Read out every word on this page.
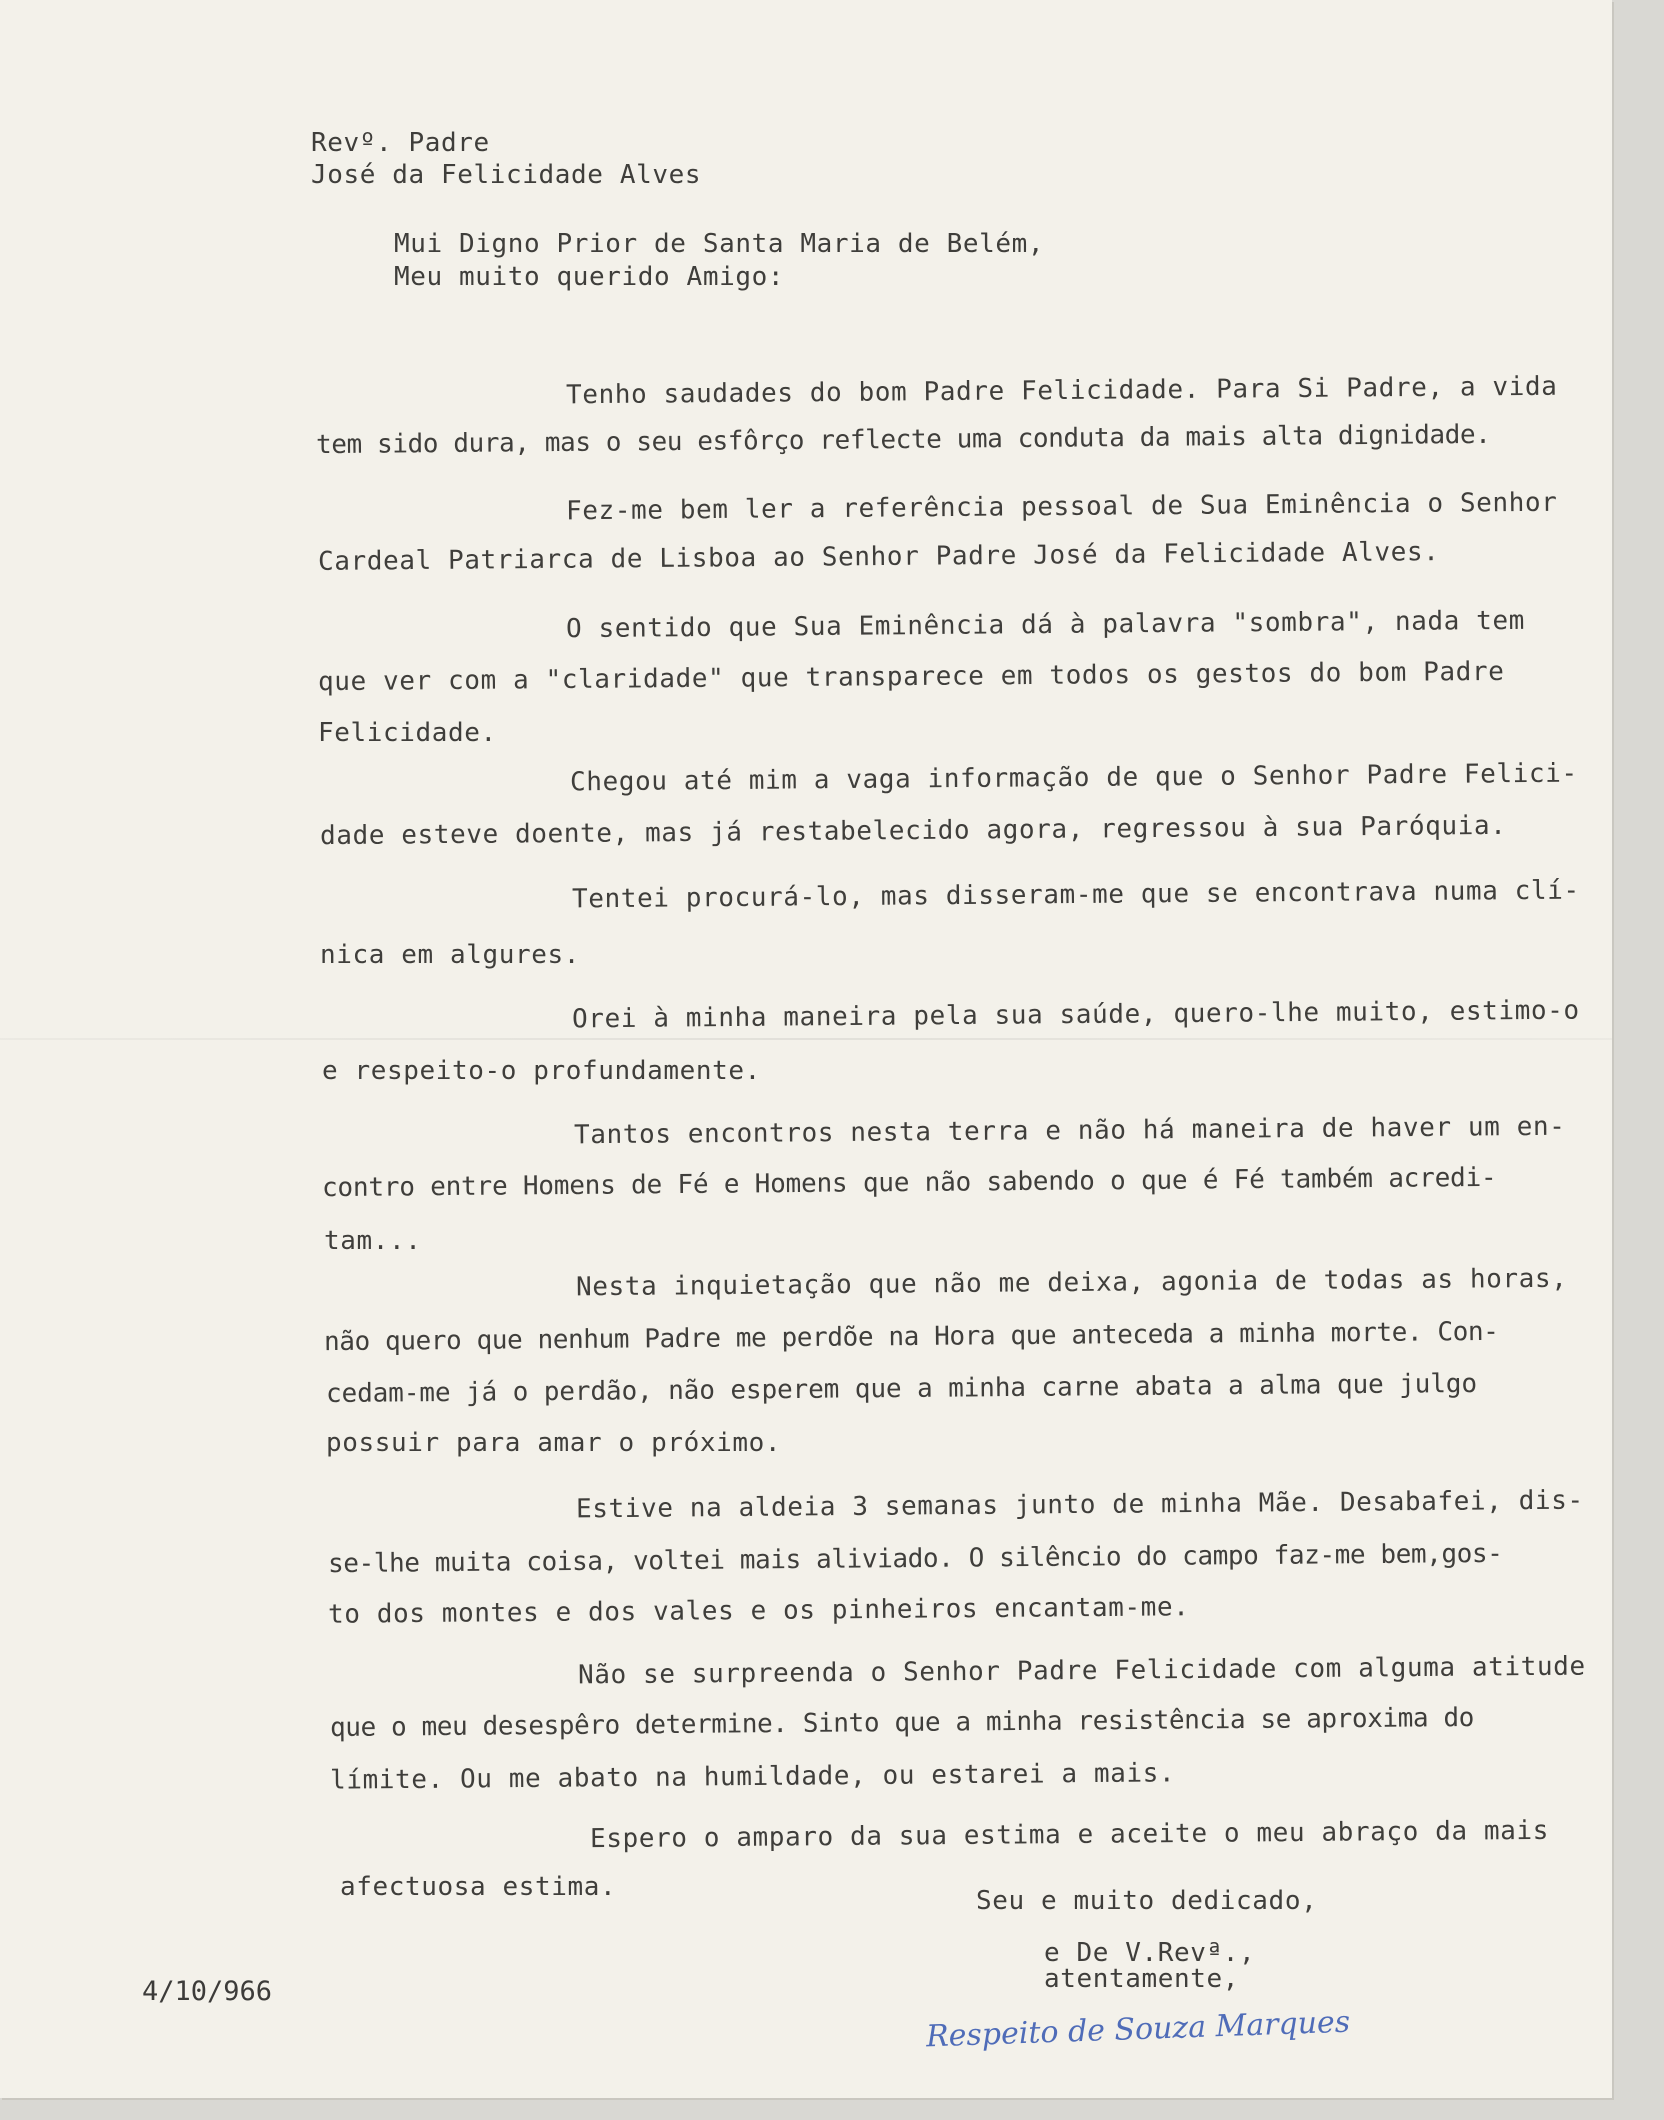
Revº. Padre
José da Felicidade Alves
Mui Digno Prior de Santa Maria de Belém,
Meu muito querido Amigo:
Tenho saudades do bom Padre Felicidade. Para Si Padre, a vida
tem sido dura, mas o seu esfôrço reflecte uma conduta da mais alta dignidade.
Fez-me bem ler a referência pessoal de Sua Eminência o Senhor
Cardeal Patriarca de Lisboa ao Senhor Padre José da Felicidade Alves.
O sentido que Sua Eminência dá à palavra "sombra", nada tem
que ver com a "claridade" que transparece em todos os gestos do bom Padre
Felicidade.
Chegou até mim a vaga informação de que o Senhor Padre Felici-
dade esteve doente, mas já restabelecido agora, regressou à sua Paróquia.
Tentei procurá-lo, mas disseram-me que se encontrava numa clí-
nica em algures.
Orei à minha maneira pela sua saúde, quero-lhe muito, estimo-o
e respeito-o profundamente.
Tantos encontros nesta terra e não há maneira de haver um en-
contro entre Homens de Fé e Homens que não sabendo o que é Fé também acredi-
tam...
Nesta inquietação que não me deixa, agonia de todas as horas,
não quero que nenhum Padre me perdõe na Hora que anteceda a minha morte. Con-
cedam-me já o perdão, não esperem que a minha carne abata a alma que julgo
possuir para amar o próximo.
Estive na aldeia 3 semanas junto de minha Mãe. Desabafei, dis-
se-lhe muita coisa, voltei mais aliviado. O silêncio do campo faz-me bem,gos-
to dos montes e dos vales e os pinheiros encantam-me.
Não se surpreenda o Senhor Padre Felicidade com alguma atitude
que o meu desespêro determine. Sinto que a minha resistência se aproxima do
límite. Ou me abato na humildade, ou estarei a mais.
Espero o amparo da sua estima e aceite o meu abraço da mais
afectuosa estima.	Seu e muito dedicado,
e De V.Revª.,
atentamente,
4/10/966
Respeito de Souza Marques
